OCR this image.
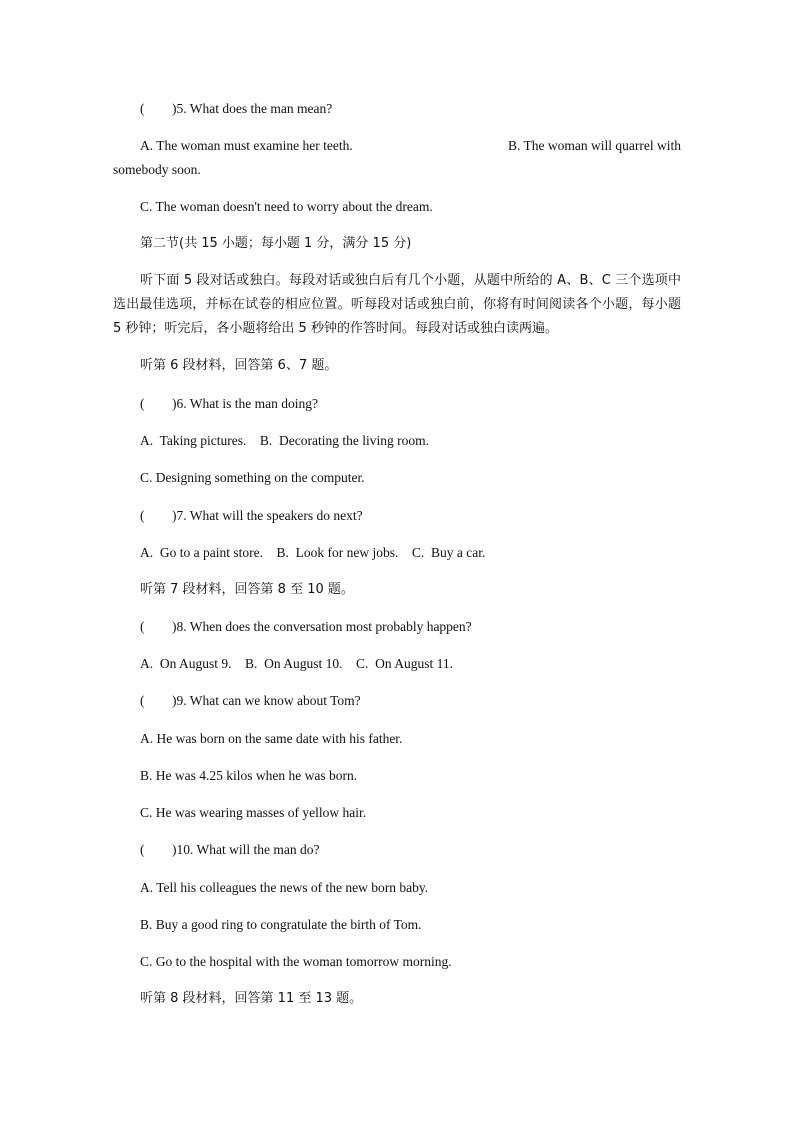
( )5. What does the man mean?
A. The woman must examine her teeth.	B. The woman will quarrel with
somebody soon.
C. The woman doesn't need to worry about the dream.
第二节(共 15 小题；每小题 1 分，满分 15 分)
听下面 5 段对话或独白。每段对话或独白后有几个小题，从题中所给的 A、B、C 三个选项中选出最佳选项，并标在试卷的相应位置。听每段对话或独白前，你将有时间阅读各个小题，每小题 5 秒钟；听完后，各小题将给出 5 秒钟的作答时间。每段对话或独白读两遍。
听第 6 段材料，回答第 6、7 题。
( )6. What is the man doing?
A.  Taking pictures.    B.  Decorating the living room.
C. Designing something on the computer.
( )7. What will the speakers do next?
A.  Go to a paint store.    B.  Look for new jobs.    C.  Buy a car.
听第 7 段材料，回答第 8 至 10 题。
( )8. When does the conversation most probably happen?
A.  On August 9.    B.  On August 10.    C.  On August 11.
( )9. What can we know about Tom?
A. He was born on the same date with his father.
B. He was 4.25 kilos when he was born.
C. He was wearing masses of yellow hair.
( )10. What will the man do?
A. Tell his colleagues the news of the new born baby.
B. Buy a good ring to congratulate the birth of Tom.
C. Go to the hospital with the woman tomorrow morning.
听第 8 段材料，回答第 11 至 13 题。
